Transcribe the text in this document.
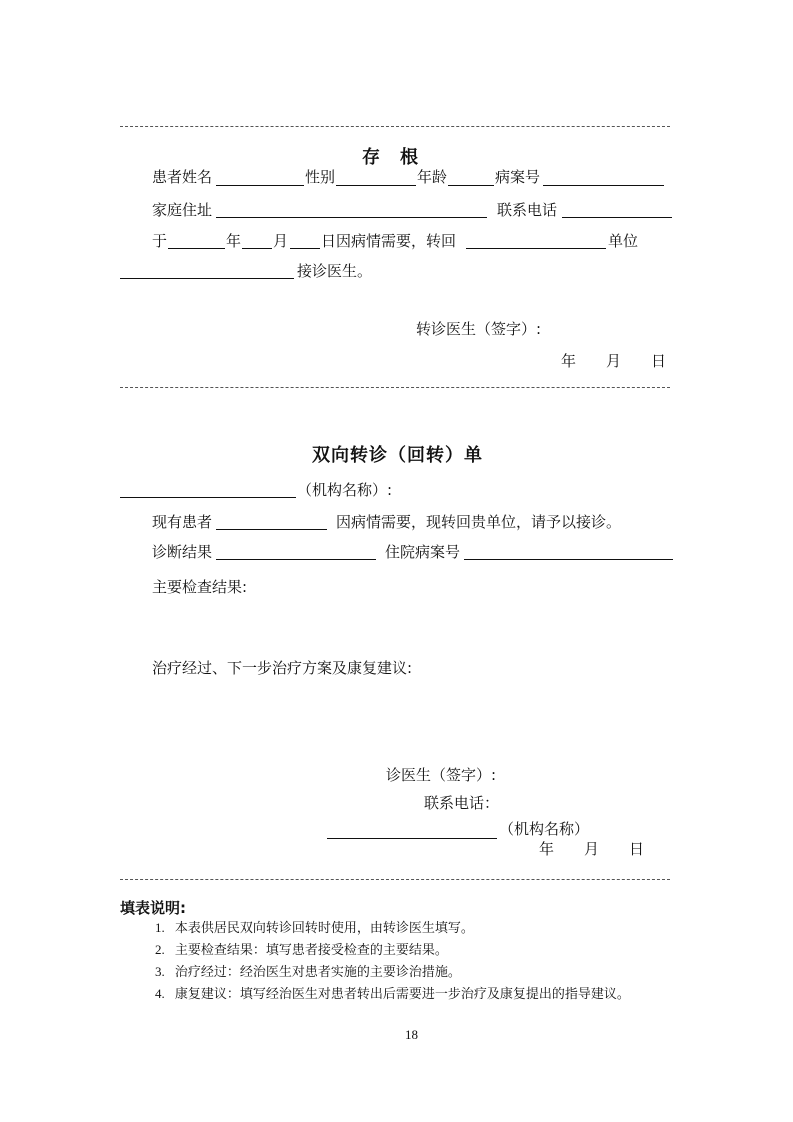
存　根
患者姓名	性别	年龄	病案号
家庭住址	联系电话
于	年 月 日因病情需要，转回	单位
接诊医生。
转诊医生（签字）:
年　　月　　日
双向转诊（回转）单
（机构名称）:
现有患者	因病情需要，现转回贵单位，请予以接诊。
诊断结果	住院病案号
主要检查结果:
治疗经过、下一步治疗方案及康复建议:
诊医生（签字）:
联系电话：
（机构名称）
年　　月　　日
填表说明:
1. 本表供居民双向转诊回转时使用，由转诊医生填写。
2. 主要检查结果：填写患者接受检查的主要结果。
3. 治疗经过：经治医生对患者实施的主要诊治措施。
4. 康复建议：填写经治医生对患者转出后需要进一步治疗及康复提出的指导建议。
18
